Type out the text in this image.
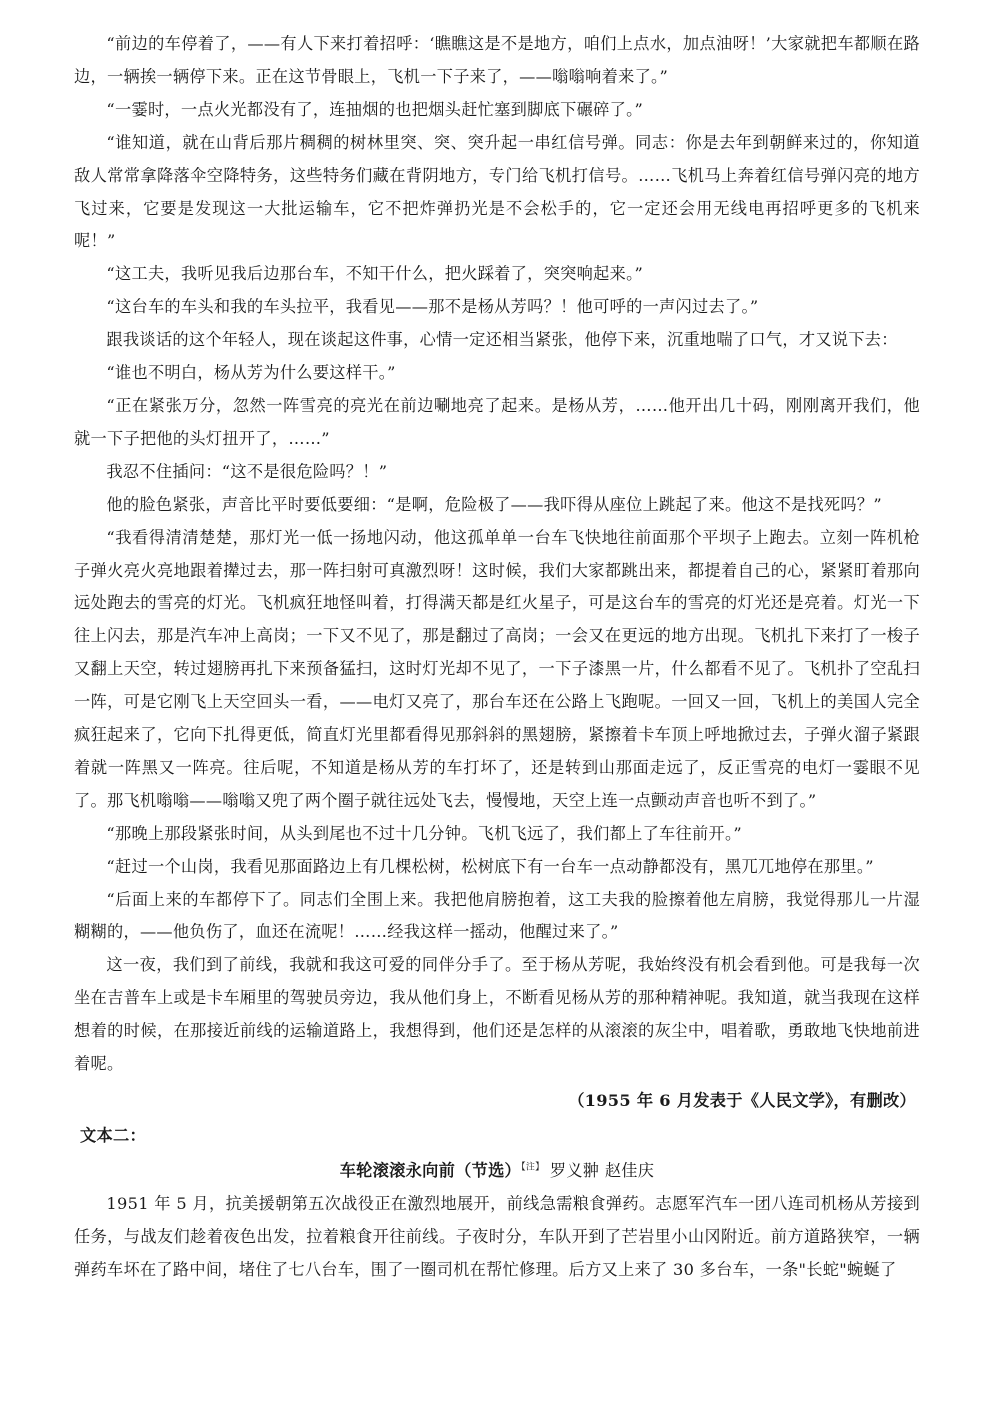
“前边的车停着了，——有人下来打着招呼：‘瞧瞧这是不是地方，咱们上点水，加点油呀！’大家就把车都顺在路边，一辆挨一辆停下来。正在这节骨眼上，飞机一下子来了，——嗡嗡响着来了。”

“一霎时，一点火光都没有了，连抽烟的也把烟头赶忙塞到脚底下碾碎了。”

“谁知道，就在山背后那片稠稠的树林里突、突、突升起一串红信号弹。同志：你是去年到朝鲜来过的，你知道敌人常常拿降落伞空降特务，这些特务们藏在背阴地方，专门给飞机打信号。……飞机马上奔着红信号弹闪亮的地方飞过来，它要是发现这一大批运输车，它不把炸弹扔光是不会松手的，它一定还会用无线电再招呼更多的飞机来呢！”

“这工夫，我听见我后边那台车，不知干什么，把火踩着了，突突响起来。”

“这台车的车头和我的车头拉平，我看见——那不是杨从芳吗？！他可呼的一声闪过去了。”

跟我谈话的这个年轻人，现在谈起这件事，心情一定还相当紧张，他停下来，沉重地喘了口气，才又说下去：

“谁也不明白，杨从芳为什么要这样干。”

“正在紧张万分，忽然一阵雪亮的亮光在前边唰地亮了起来。是杨从芳，……他开出几十码，刚刚离开我们，他就一下子把他的头灯扭开了，……”

我忍不住插问：“这不是很危险吗？！”

他的脸色紧张，声音比平时要低要细：“是啊，危险极了——我吓得从座位上跳起了来。他这不是找死吗？”

“我看得清清楚楚，那灯光一低一扬地闪动，他这孤单单一台车飞快地往前面那个平坝子上跑去。立刻一阵机枪子弹火亮火亮地跟着撵过去，那一阵扫射可真激烈呀！这时候，我们大家都跳出来，都提着自己的心，紧紧盯着那向远处跑去的雪亮的灯光。飞机疯狂地怪叫着，打得满天都是红火星子，可是这台车的雪亮的灯光还是亮着。灯光一下往上闪去，那是汽车冲上高岗；一下又不见了，那是翻过了高岗；一会又在更远的地方出现。飞机扎下来打了一梭子又翻上天空，转过翅膀再扎下来预备猛扫，这时灯光却不见了，一下子漆黑一片，什么都看不见了。飞机扑了空乱扫一阵，可是它刚飞上天空回头一看，——电灯又亮了，那台车还在公路上飞跑呢。一回又一回，飞机上的美国人完全疯狂起来了，它向下扎得更低，简直灯光里都看得见那斜斜的黑翅膀，紧擦着卡车顶上呼地掀过去，子弹火溜子紧跟着就一阵黑又一阵亮。往后呢，不知道是杨从芳的车打坏了，还是转到山那面走远了，反正雪亮的电灯一霎眼不见了。那飞机嗡嗡——嗡嗡又兜了两个圈子就往远处飞去，慢慢地，天空上连一点颤动声音也听不到了。”

“那晚上那段紧张时间，从头到尾也不过十几分钟。飞机飞远了，我们都上了车往前开。”

“赶过一个山岗，我看见那面路边上有几棵松树，松树底下有一台车一点动静都没有，黑兀兀地停在那里。”

“后面上来的车都停下了。同志们全围上来。我把他肩膀抱着，这工夫我的脸擦着他左肩膀，我觉得那儿一片湿糊糊的，——他负伤了，血还在流呢！……经我这样一摇动，他醒过来了。”

这一夜，我们到了前线，我就和我这可爱的同伴分手了。至于杨从芳呢，我始终没有机会看到他。可是我每一次坐在吉普车上或是卡车厢里的驾驶员旁边，我从他们身上，不断看见杨从芳的那种精神呢。我知道，就当我现在这样想着的时候，在那接近前线的运输道路上，我想得到，他们还是怎样的从滚滚的灰尘中，唱着歌，勇敢地飞快地前进着呢。

（1955 年 6 月发表于《人民文学》，有删改）

文本二：

车轮滚滚永向前（节选）$^{【注】}$ 罗义翀 赵佳庆

1951 年 5 月，抗美援朝第五次战役正在激烈地展开，前线急需粮食弹药。志愿军汽车一团八连司机杨从芳接到任务，与战友们趁着夜色出发，拉着粮食开往前线。子夜时分，车队开到了芒岩里小山冈附近。前方道路狭窄，一辆弹药车坏在了路中间，堵住了七八台车，围了一圈司机在帮忙修理。后方又上来了 30 多台车，一条"长蛇"蜿蜒了
